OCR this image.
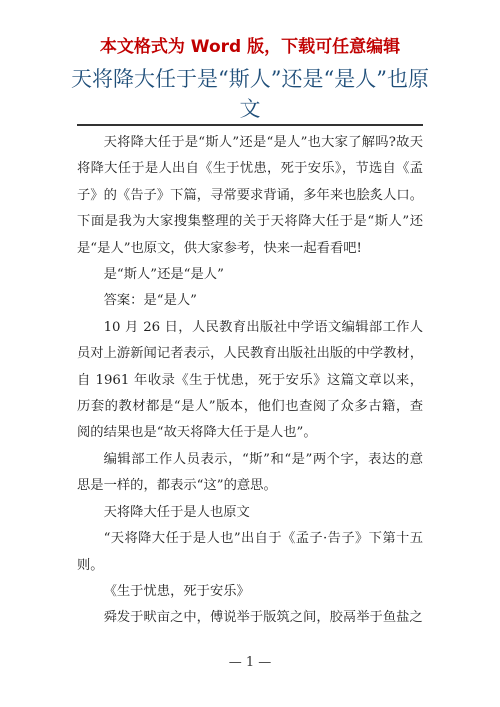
本文格式为 Word 版，下载可任意编辑
天将降大任于是“斯人”还是“是人”也原文

天将降大任于是“斯人”还是“是人”也大家了解吗?故天将降大任于是人出自《生于忧患，死于安乐》，节选自《孟子》的《告子》下篇，寻常要求背诵，多年来也脍炙人口。下面是我为大家搜集整理的关于天将降大任于是“斯人”还是“是人”也原文，供大家参考，快来一起看看吧!

是“斯人”还是“是人”

答案：是“是人”

10 月 26 日，人民教育出版社中学语文编辑部工作人员对上游新闻记者表示，人民教育出版社出版的中学教材，自 1961 年收录《生于忧患，死于安乐》这篇文章以来，历套的教材都是“是人”版本，他们也查阅了众多古籍，查阅的结果也是“故天将降大任于是人也”。

编辑部工作人员表示，“斯”和“是”两个字，表达的意思是一样的，都表示“这”的意思。

天将降大任于是人也原文

“天将降大任于是人也”出自于《孟子·告子》下第十五则。

《生于忧患，死于安乐》

舜发于畎亩之中，傅说举于版筑之间，胶鬲举于鱼盐之

— 1 —
